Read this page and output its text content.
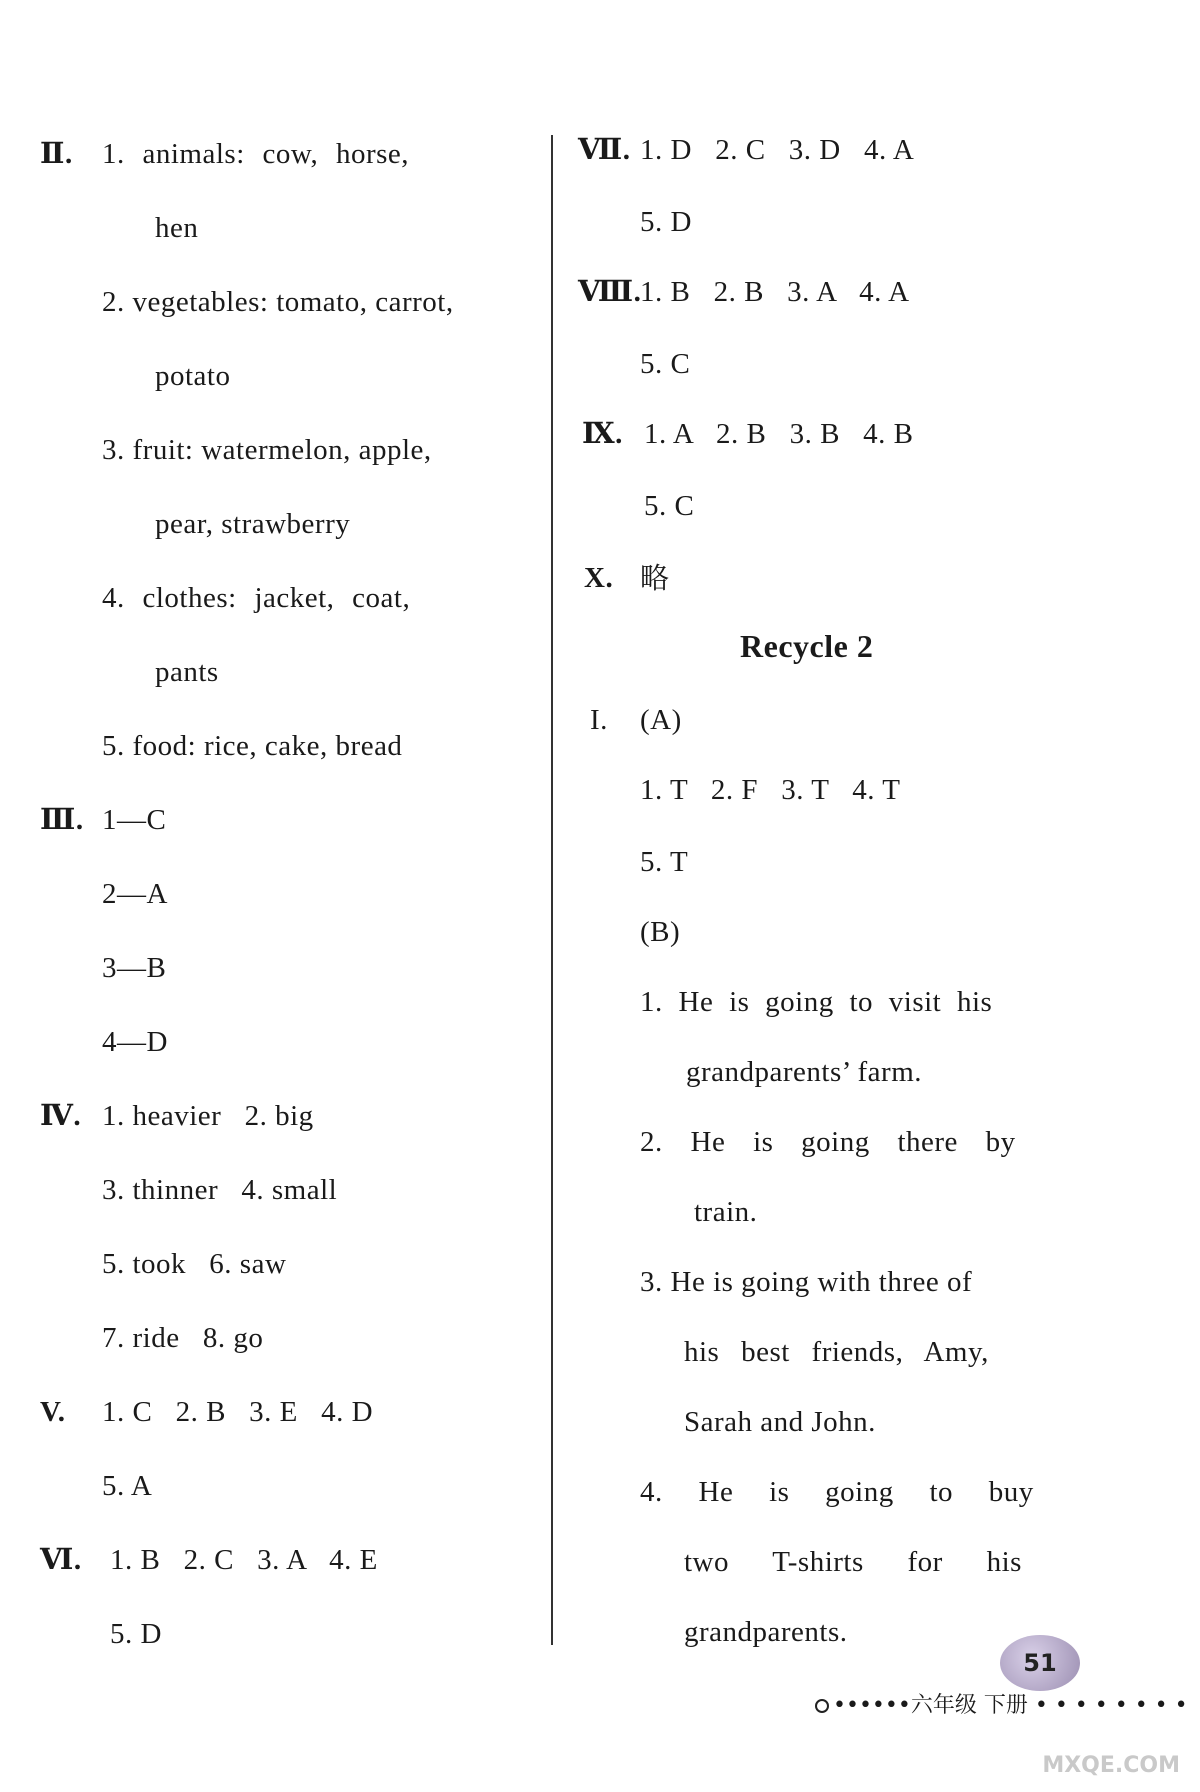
Ⅱ. 1. animals: cow, horse,
hen
2. vegetables: tomato, carrot,
potato
3. fruit: watermelon, apple,
pear, strawberry
4. clothes: jacket, coat,
pants
5. food: rice, cake, bread
Ⅲ. 1—C
2—A
3—B
4—D
Ⅳ. 1. heavier   2. big
3. thinner   4. small
5. took   6. saw
7. ride   8. go
V. 1. C   2. B   3. E   4. D
5. A
Ⅵ. 1. B   2. C   3. A   4. E
5. D
Ⅶ. 1. D   2. C   3. D   4. A
5. D
Ⅷ.
1. B   2. B   3. A   4. A
5. C
Ⅸ. 1. A   2. B   3. B   4. B
5. C
X. 略
Recycle 2
I. (A)
1. T   2. F   3. T   4. T
5. T
(B)
1. He is going to visit his
grandparents’ farm.
2. He is going there by
train.
3. He is going with three of
his best friends, Amy,
Sarah and John.
4. He is going to buy
two T-shirts for his
grandparents.
51
••••••六年级 下册 • • • • • • • •
MXQE.COM
